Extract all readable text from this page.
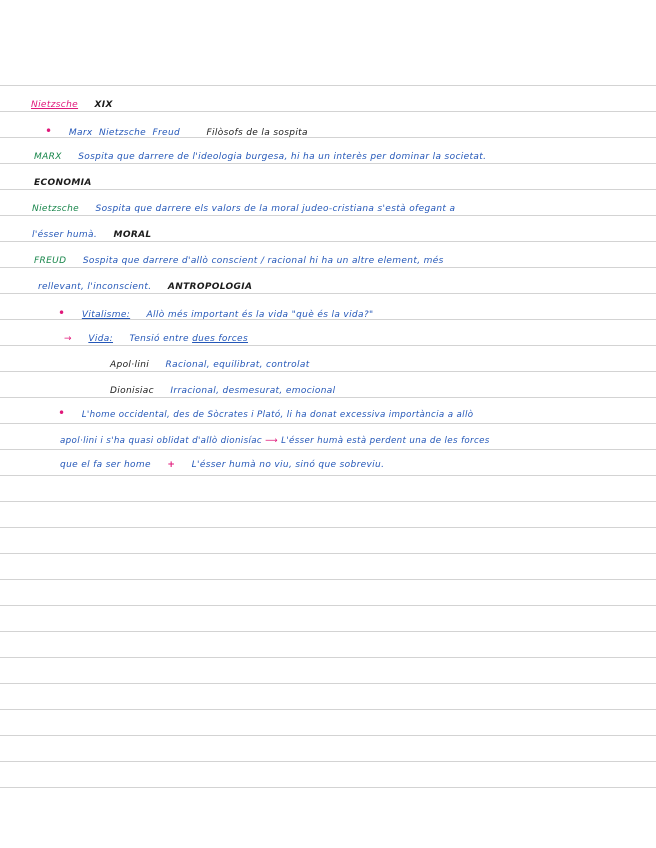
Nietzsche XIX
• Marx  Nietzsche  Freud	Filòsofs de la sospita
MARX Sospita que darrere de l'ideologia burgesa, hi ha un interès per dominar la societat.
ECONOMIA
Nietzsche Sospita que darrere els valors de la moral judeo-cristiana s'està ofegant a
l'ésser humà. MORAL
FREUD Sospita que darrere d'allò conscient / racional hi ha un altre element, més
rellevant, l'inconscient. ANTROPOLOGIA
• Vitalisme: Allò més important és la vida "què és la vida?"
→ Vida: Tensió entre dues forces
Apol·lini Racional, equilibrat, controlat
Dionisiac Irracional, desmesurat, emocional
• L'home occidental, des de Sòcrates i Plató, li ha donat excessiva importància a allò
apol·lini i s'ha quasi oblidat d'allò dionisíac ⟶ L'ésser humà està perdent una de les forces
que el fa ser home + L'ésser humà no viu, sinó que sobreviu.
